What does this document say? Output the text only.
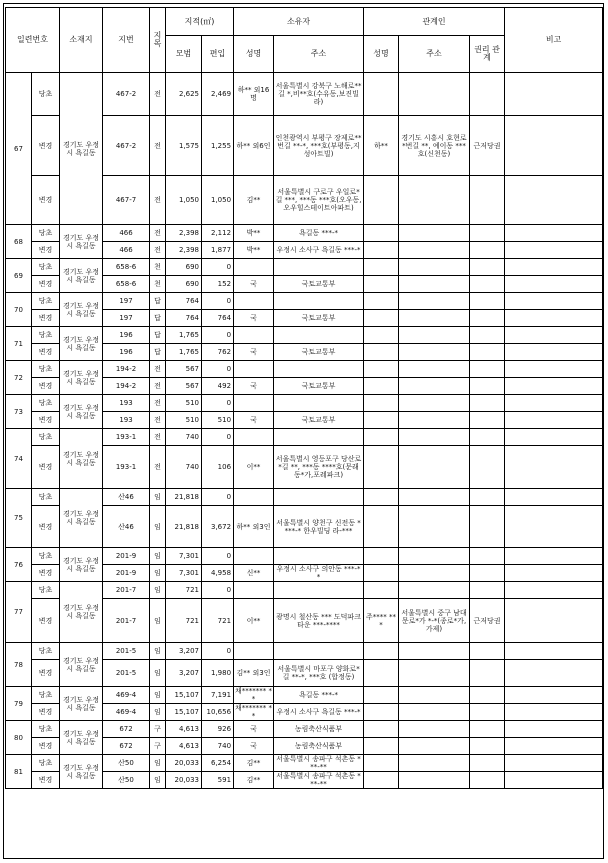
일련번호		소재지	지번	지목	지적(㎡)		소유자		관계인			비고
					모범	편입	성명	주소	성명	주소	권리 관계	
67	당초	경기도 우정시 욕길동	467-2	전	2,625	2,469	하** 외16명	서울특별시 강북구 노해로**길 *,비**호(수유동,보진빌라)				
	변경		467-2	전	1,575	1,255	하** 외6인	인천광역시 부평구 장제로**번길 **-*, ***호(부평동,지성아트빌)	하**	경기도 시흥시 호현로*번길 **, 예이동 ***호(신천동)	근저당권	
	변경		467-7	전	1,050	1,050	김**	서울특별시 구로구 우일로*길 ***, ***동 ***호(오우동,오우힐스테이트아파트)				
68	당초	경기도 우정시 욕길동	466	전	2,398	2,112	박**	욕길동 ***-*				
	변경		466	전	2,398	1,877	박**	우정시 소사구 욕길동 ***-*				
69	당초	경기도 우정시 욕길동	658-6	천	690	0						
	변경		658-6	천	690	152	국	국토교통부				
70	당초	경기도 우정시 욕길동	197	답	764	0						
	변경		197	답	764	764	국	국토교통부				
71	당초	경기도 우정시 욕길동	196	답	1,765	0						
	변경		196	답	1,765	762	국	국토교통부				
72	당초	경기도 우정시 욕길동	194-2	전	567	0						
	변경		194-2	전	567	492	국	국토교통부				
73	당초	경기도 우정시 욕길동	193	전	510	0						
	변경		193	전	510	510	국	국토교통부				
74	당초	경기도 우정시 욕길동	193-1	전	740	0						
	변경		193-1	전	740	106	이**	서울특별시 영등포구 당산로*길 **, ***동 ****호(문래동*가,포레파크)				
75	당초	경기도 우정시 욕길동	산46	임	21,818	0						
	변경		산46	임	21,818	3,672	하** 외3인	서울특별시 양천구 신전동 ****-* 한우빌딩 라-***				
76	당초	경기도 우정시 욕길동	201-9	임	7,301	0						
	변경		201-9	임	7,301	4,958	신**	우정시 소사구 의안동 ***-**				
77	당초	경기도 우정시 욕길동	201-7	임	721	0						
	변경		201-7	임	721	721	이**	광명시 철산동 *** 도덕파크타운 ***-****	주**** ***	서울특별시 중구 남대문로*가 *-*(종로*가,가제)	근저당권	
78	당초	경기도 우정시 욕길동	201-5	임	3,207	0						
	변경		201-5	임	3,207	1,980	김** 외3인	서울특별시 마포구 양화로*길 **-*, ***호 (합정동)				
79	당초	경기도 우정시 욕길동	469-4	임	15,107	7,191	채******* **	욕길동 ***-*				
	변경		469-4	임	15,107	10,656	채******* **	우정시 소사구 욕길동 ***-*				
80	당초	경기도 우정시 욕길동	672	구	4,613	926	국	농림축산식품부				
	변경		672	구	4,613	740	국	농림축산식품부				
81	당초	경기도 우정시 욕길동	산50	임	20,033	6,254	김**	서울특별시 송파구 석촌동 ***-**				
	변경		산50	임	20,033	591	김**	서울특별시 송파구 석촌동 ***-**				
